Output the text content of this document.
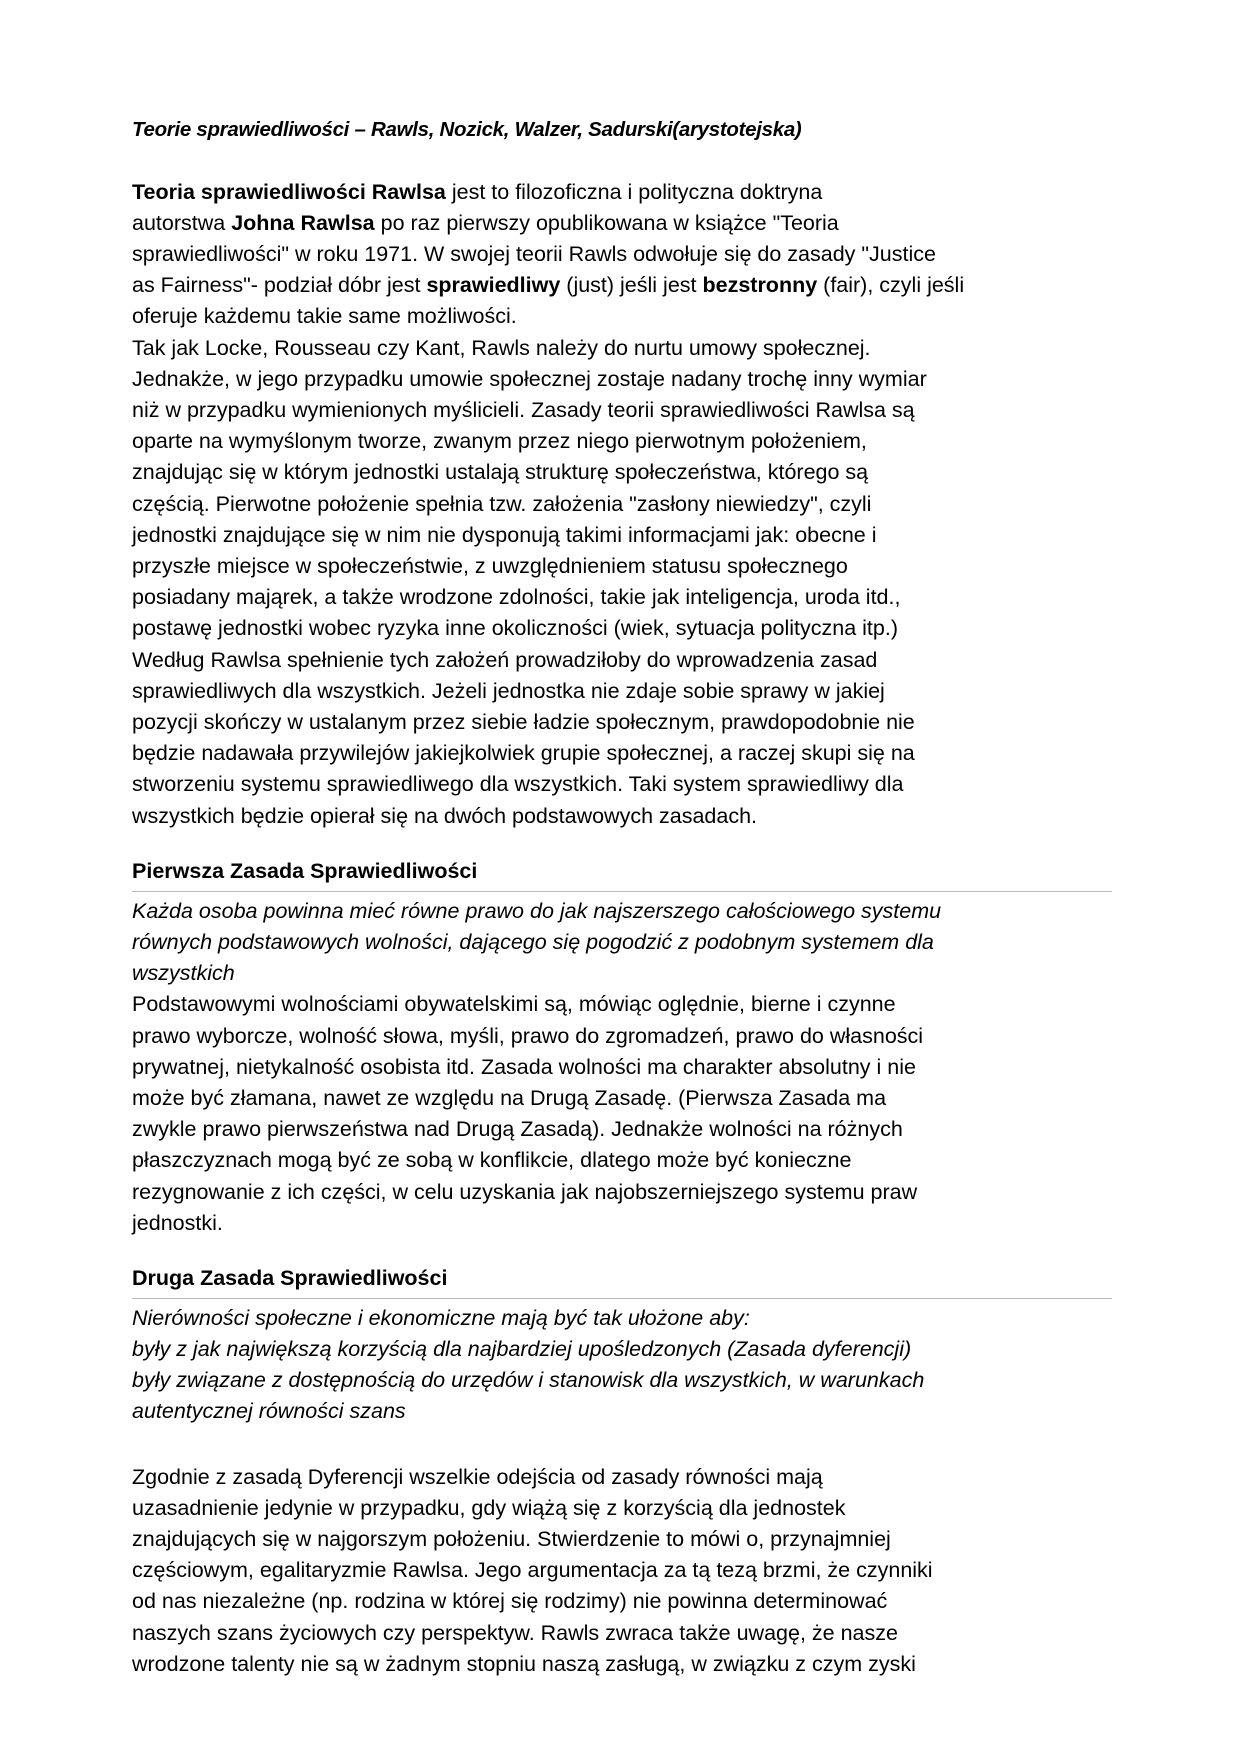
Teorie sprawiedliwości – Rawls, Nozick, Walzer, Sadurski(arystotejska)
Teoria sprawiedliwości Rawlsa jest to filozoficzna i polityczna doktryna
autorstwa Johna Rawlsa po raz pierwszy opublikowana w książce "Teoria
sprawiedliwości" w roku 1971. W swojej teorii Rawls odwołuje się do zasady "Justice
as Fairness"- podział dóbr jest sprawiedliwy (just) jeśli jest bezstronny (fair), czyli jeśli
oferuje każdemu takie same możliwości.
Tak jak Locke, Rousseau czy Kant, Rawls należy do nurtu umowy społecznej.
Jednakże, w jego przypadku umowie społecznej zostaje nadany trochę inny wymiar
niż w przypadku wymienionych myślicieli. Zasady teorii sprawiedliwości Rawlsa są
oparte na wymyślonym tworze, zwanym przez niego pierwotnym położeniem,
znajdując się w którym jednostki ustalają strukturę społeczeństwa, którego są
częścią. Pierwotne położenie spełnia tzw. założenia "zasłony niewiedzy", czyli
jednostki znajdujące się w nim nie dysponują takimi informacjami jak: obecne i
przyszłe miejsce w społeczeństwie, z uwzględnieniem statusu społecznego
posiadany mająrek, a także wrodzone zdolności, takie jak inteligencja, uroda itd.,
postawę jednostki wobec ryzyka inne okoliczności (wiek, sytuacja polityczna itp.)
Według Rawlsa spełnienie tych założeń prowadziłoby do wprowadzenia zasad
sprawiedliwych dla wszystkich. Jeżeli jednostka nie zdaje sobie sprawy w jakiej
pozycji skończy w ustalanym przez siebie ładzie społecznym, prawdopodobnie nie
będzie nadawała przywilejów jakiejkolwiek grupie społecznej, a raczej skupi się na
stworzeniu systemu sprawiedliwego dla wszystkich. Taki system sprawiedliwy dla
wszystkich będzie opierał się na dwóch podstawowych zasadach.
Pierwsza Zasada Sprawiedliwości
Każda osoba powinna mieć równe prawo do jak najszerszego całościowego systemu
równych podstawowych wolności, dającego się pogodzić z podobnym systemem dla
wszystkich
Podstawowymi wolnościami obywatelskimi są, mówiąc oględnie, bierne i czynne
prawo wyborcze, wolność słowa, myśli, prawo do zgromadzeń, prawo do własności
prywatnej, nietykalność osobista itd. Zasada wolności ma charakter absolutny i nie
może być złamana, nawet ze względu na Drugą Zasadę. (Pierwsza Zasada ma
zwykle prawo pierwszeństwa nad Drugą Zasadą). Jednakże wolności na różnych
płaszczyznach mogą być ze sobą w konflikcie, dlatego może być konieczne
rezygnowanie z ich części, w celu uzyskania jak najobszerniejszego systemu praw
jednostki.
Druga Zasada Sprawiedliwości
Nierówności społeczne i ekonomiczne mają być tak ułożone aby:
były z jak największą korzyścią dla najbardziej upośledzonych (Zasada dyferencji)
były związane z dostępnością do urzędów i stanowisk dla wszystkich, w warunkach
autentycznej równości szans
Zgodnie z zasadą Dyferencji wszelkie odejścia od zasady równości mają
uzasadnienie jedynie w przypadku, gdy wiążą się z korzyścią dla jednostek
znajdujących się w najgorszym położeniu. Stwierdzenie to mówi o, przynajmniej
częściowym, egalitaryzmie Rawlsa. Jego argumentacja za tą tezą brzmi, że czynniki
od nas niezależne (np. rodzina w której się rodzimy) nie powinna determinować
naszych szans życiowych czy perspektyw. Rawls zwraca także uwagę, że nasze
wrodzone talenty nie są w żadnym stopniu naszą zasługą, w związku z czym zyski
